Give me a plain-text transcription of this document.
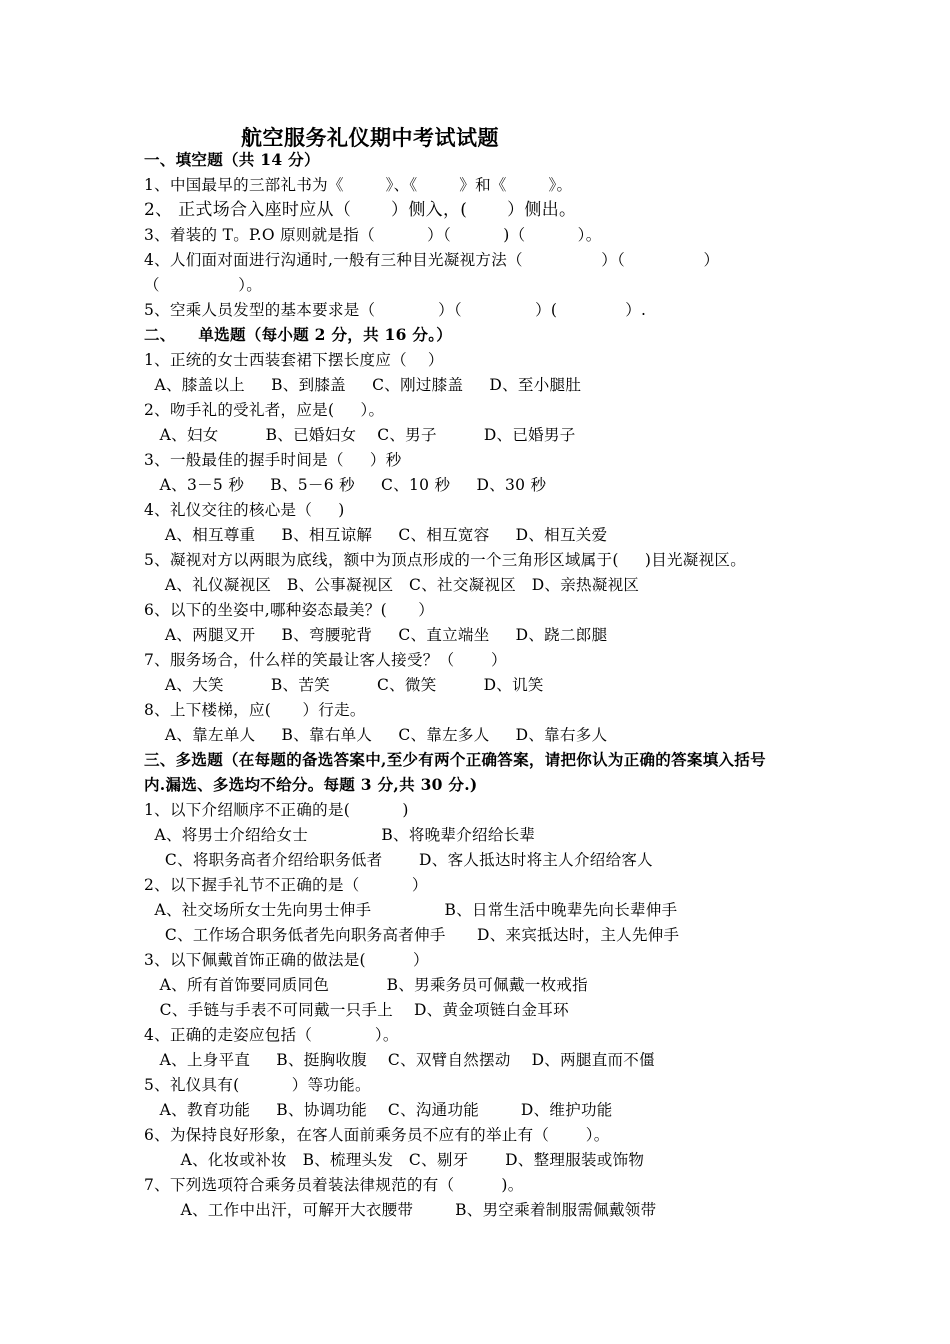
航空服务礼仪期中考试试题
一、填空题（共 14 分）
1、中国最早的三部礼书为《        》、《        》和《        》。
2、 正式场合入座时应从（       ）侧入，(       ）侧出。
3、着装的 T。P.O 原则就是指（          ）（          )（          ）。
4、人们面对面进行沟通时,一般有三种目光凝视方法（               ）（               ）
（               ）。
5、空乘人员发型的基本要求是（            ）（              ）(             ）.
二、    单选题（每小题 2 分，共 16 分。）
1、正统的女士西装套裙下摆长度应（    ）
A、膝盖以上     B、到膝盖     C、刚过膝盖     D、至小腿肚
2、吻手礼的受礼者，应是(     ）。
A、妇女         B、已婚妇女    C、男子         D、已婚男子
3、一般最佳的握手时间是（     ）秒
A、3－5 秒     B、5－6 秒     C、10 秒     D、30 秒
4、礼仪交往的核心是（     )
A、相互尊重     B、相互谅解     C、相互宽容     D、相互关爱
5、凝视对方以两眼为底线，额中为顶点形成的一个三角形区域属于(     )目光凝视区。
A、礼仪凝视区   B、公事凝视区   C、社交凝视区   D、亲热凝视区
6、以下的坐姿中,哪种姿态最美？(      ）
A、两腿叉开     B、弯腰驼背     C、直立端坐     D、跷二郎腿
7、服务场合，什么样的笑最让客人接受？（       ）
A、大笑         B、苦笑         C、微笑         D、讥笑
8、上下楼梯，应(      ）行走。
A、靠左单人     B、靠右单人     C、靠左多人     D、靠右多人
三、多选题（在每题的备选答案中,至少有两个正确答案，请把你认为正确的答案填入括号
内.漏选、多选均不给分。每题 3 分,共 30 分.)
1、以下介绍顺序不正确的是(          )
A、将男士介绍给女士              B、将晚辈介绍给长辈
C、将职务高者介绍给职务低者       D、客人抵达时将主人介绍给客人
2、以下握手礼节不正确的是（          ）
A、社交场所女士先向男士伸手              B、日常生活中晚辈先向长辈伸手
C、工作场合职务低者先向职务高者伸手      D、来宾抵达时，主人先伸手
3、以下佩戴首饰正确的做法是(         ）
A、所有首饰要同质同色           B、男乘务员可佩戴一枚戒指
C、手链与手表不可同戴一只手上    D、黄金项链白金耳环
4、正确的走姿应包括（            ）。
A、上身平直     B、挺胸收腹    C、双臂自然摆动    D、两腿直而不僵
5、礼仪具有(          ）等功能。
A、教育功能     B、协调功能    C、沟通功能        D、维护功能
6、为保持良好形象，在客人面前乘务员不应有的举止有（       ）。
A、化妆或补妆   B、梳理头发   C、剔牙       D、整理服装或饰物
7、下列选项符合乘务员着装法律规范的有（         )。
A、工作中出汗，可解开大衣腰带        B、男空乘着制服需佩戴领带
